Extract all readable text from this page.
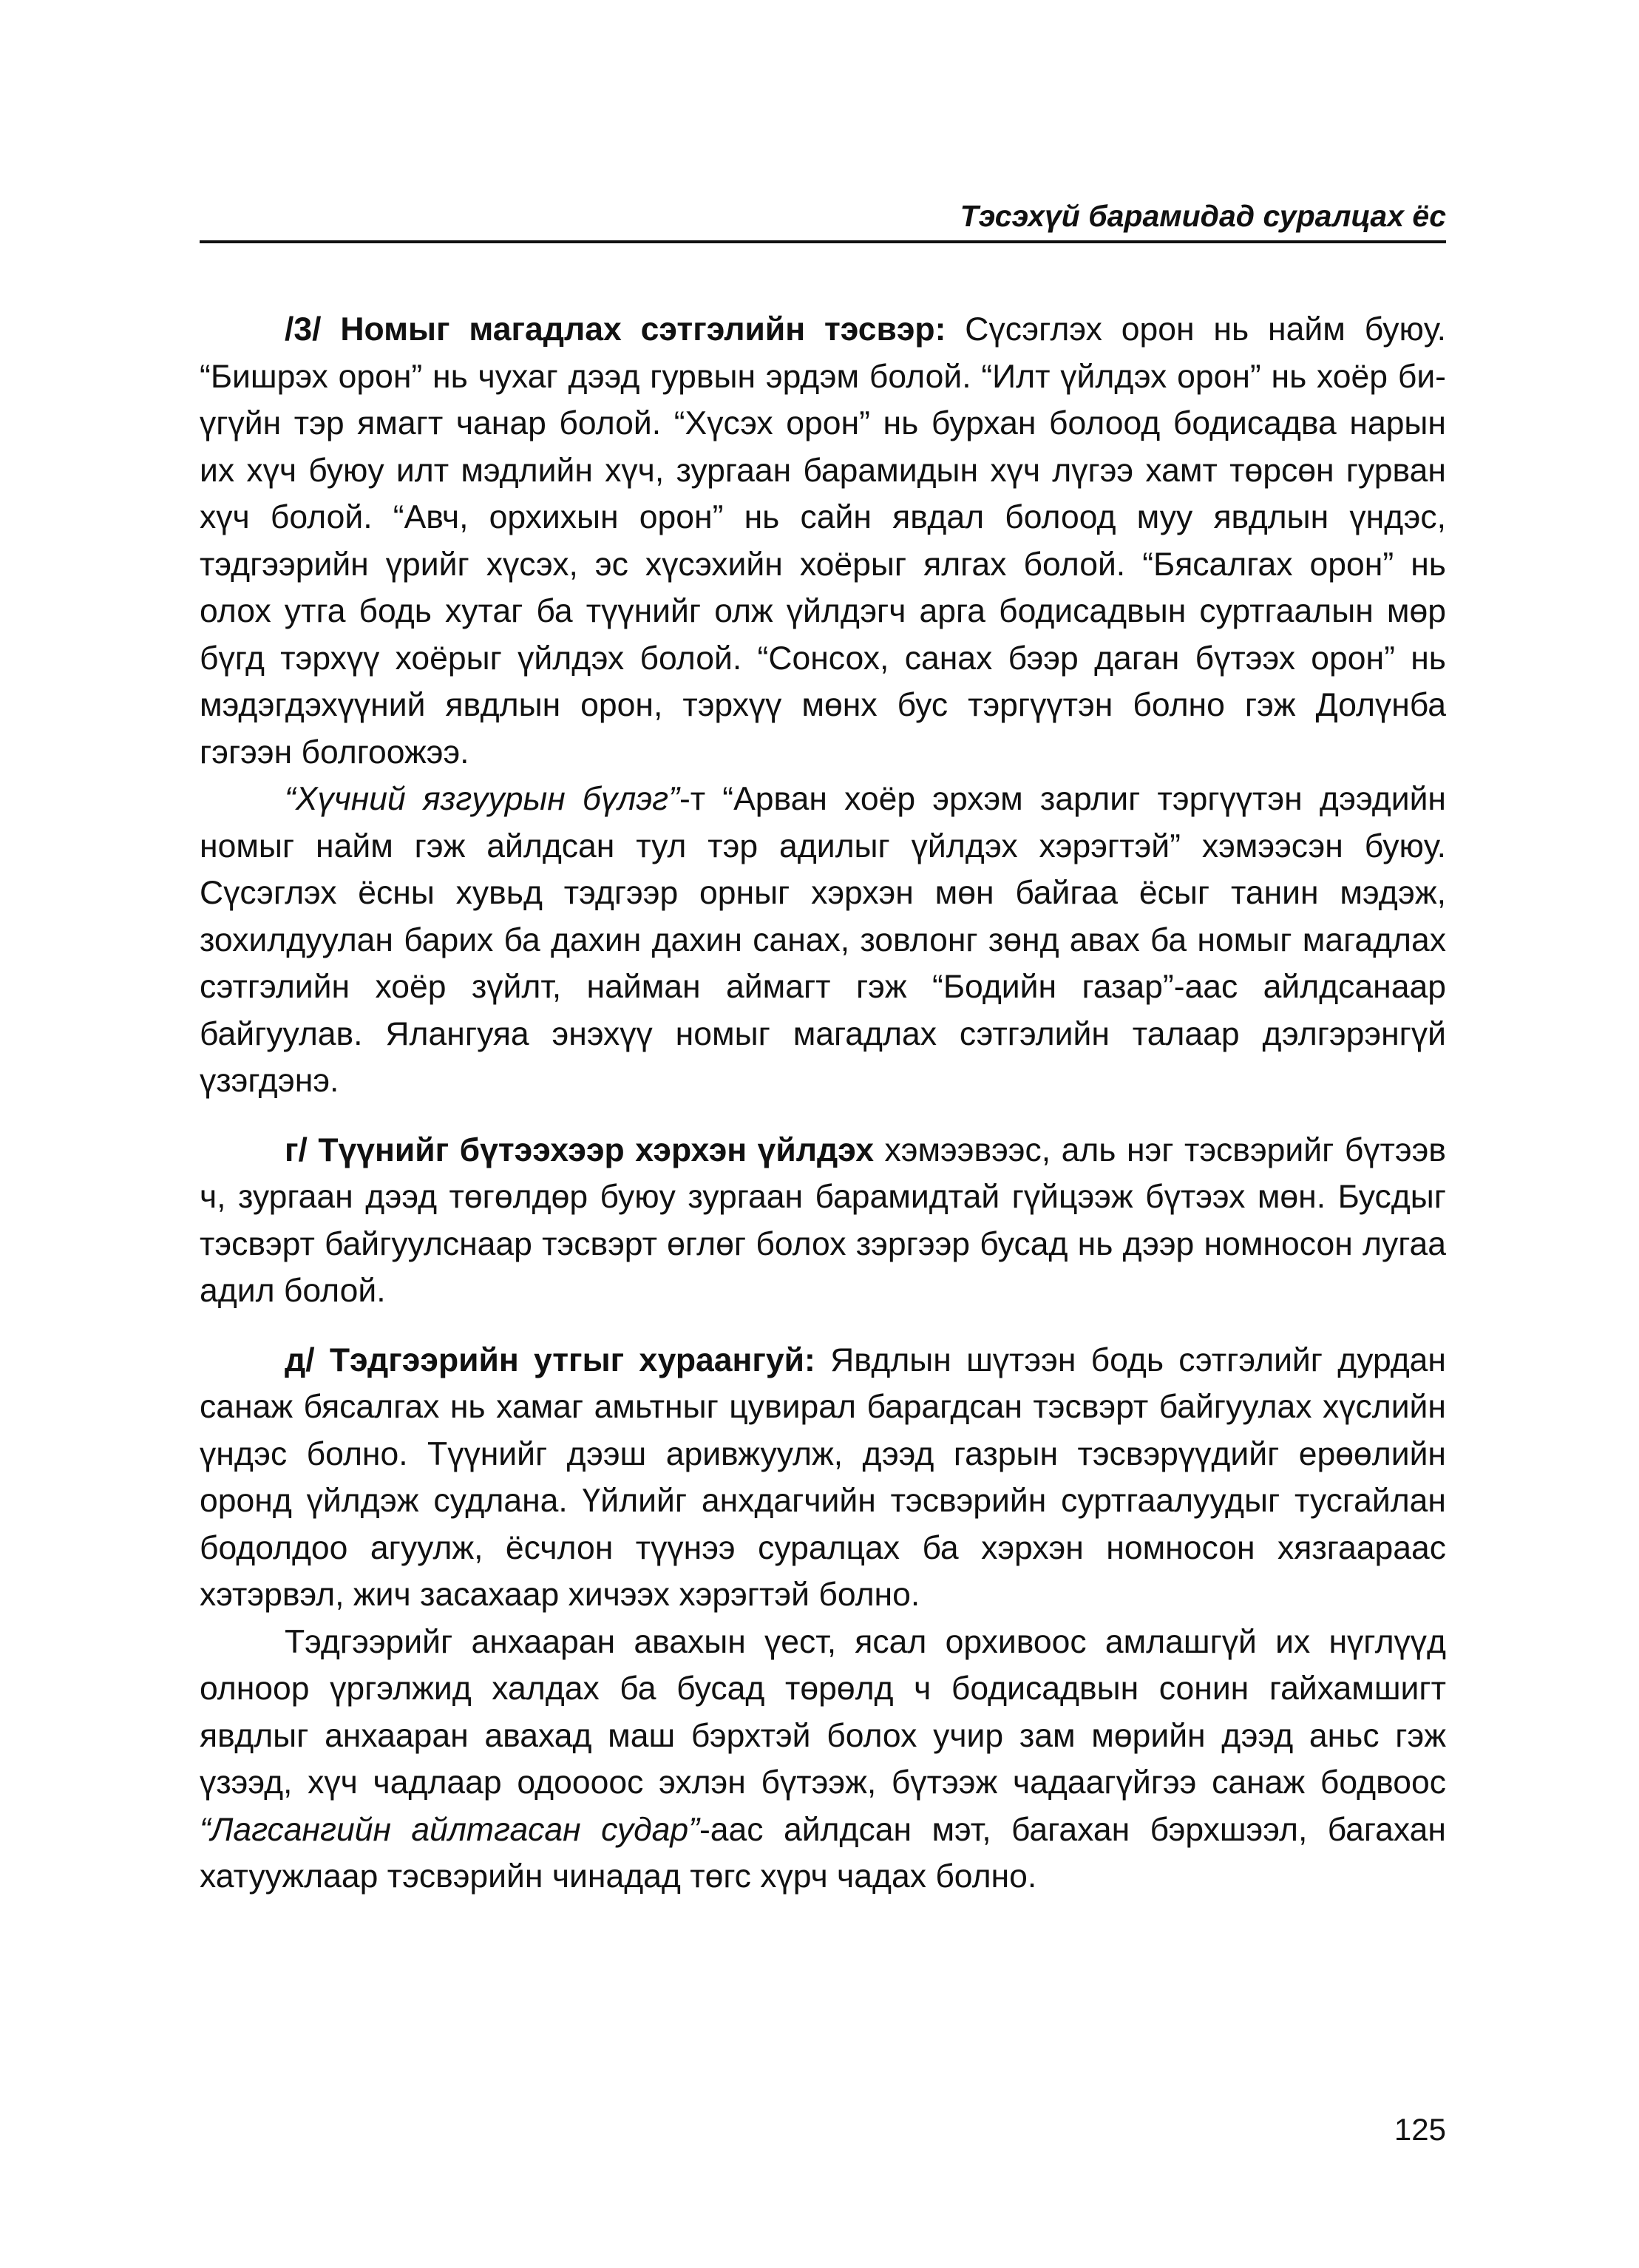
Тэсэхүй барамидад суралцах ёс

/3/ Номыг магадлах сэтгэлийн тэсвэр: Сүсэглэх орон нь найм буюу. “Бишрэх орон” нь чухаг дээд гурвын эрдэм болой. “Илт үйлдэх орон” нь хоёр би-үгүйн тэр ямагт чанар болой. “Хүсэх орон” нь бурхан болоод бодисадва нарын их хүч буюу илт мэдлийн хүч, зургаан барамидын хүч лүгээ хамт төрсөн гурван хүч болой. “Авч, орхихын орон” нь сайн явдал болоод муу явдлын үндэс, тэдгээрийн үрийг хүсэх, эс хүсэхийн хоёрыг ялгах болой. “Бясалгах орон” нь олох утга бодь хутаг ба түүнийг олж үйлдэгч арга бодисадвын суртгаалын мөр бүгд тэрхүү хоёрыг үйлдэх болой. “Сонсох, санах бээр даган бүтээх орон” нь мэдэгдэхүүний явдлын орон, тэрхүү мөнх бус тэргүүтэн болно гэж Долүнба гэгээн болгоожээ.

“Хүчний язгуурын бүлэг”-т “Арван хоёр эрхэм зарлиг тэргүүтэн дээдийн номыг найм гэж айлдсан тул тэр адилыг үйлдэх хэрэгтэй” хэмээсэн буюу. Сүсэглэх ёсны хувьд тэдгээр орныг хэрхэн мөн байгаа ёсыг танин мэдэж, зохилдуулан барих ба дахин дахин санах, зовлонг зөнд авах ба номыг магадлах сэтгэлийн хоёр зүйлт, найман аймагт гэж “Бодийн газар”-аас айлдсанаар байгуулав. Ялангуяа энэхүү номыг магадлах сэтгэлийн талаар дэлгэрэнгүй үзэгдэнэ.

г/ Түүнийг бүтээхээр хэрхэн үйлдэх хэмээвээс, аль нэг тэсвэрийг бүтээв ч, зургаан дээд төгөлдөр буюу зургаан барамидтай гүйцээж бүтээх мөн. Бусдыг тэсвэрт байгуулснаар тэсвэрт өглөг болох зэргээр бусад нь дээр номносон лугаа адил болой.

д/ Тэдгээрийн утгыг хураангуй: Явдлын шүтээн бодь сэтгэлийг дурдан санаж бясалгах нь хамаг амьтныг цувирал барагдсан тэсвэрт байгуулах хүслийн үндэс болно. Түүнийг дээш аривжуулж, дээд газрын тэсвэрүүдийг ерөөлийн оронд үйлдэж судлана. Үйлийг анхдагчийн тэсвэрийн суртгаалуудыг тусгайлан бодолдоо агуулж, ёсчлон түүнээ суралцах ба хэрхэн номносон хязгаараас хэтэрвэл, жич засахаар хичээх хэрэгтэй болно.

Тэдгээрийг анхааран авахын үест, ясал орхивоос амлашгүй их нүглүүд олноор үргэлжид халдах ба бусад төрөлд ч бодисадвын сонин гайхамшигт явдлыг анхааран авахад маш бэрхтэй болох учир зам мөрийн дээд аньс гэж үзээд, хүч чадлаар одоооос эхлэн бүтээж, бүтээж чадаагүйгээ санаж бодвоос “Лагсангийн айлтгасан судар”-аас айлдсан мэт, багахан бэрхшээл, багахан хатуужлаар тэсвэрийн чинадад төгс хүрч чадах болно.

125
